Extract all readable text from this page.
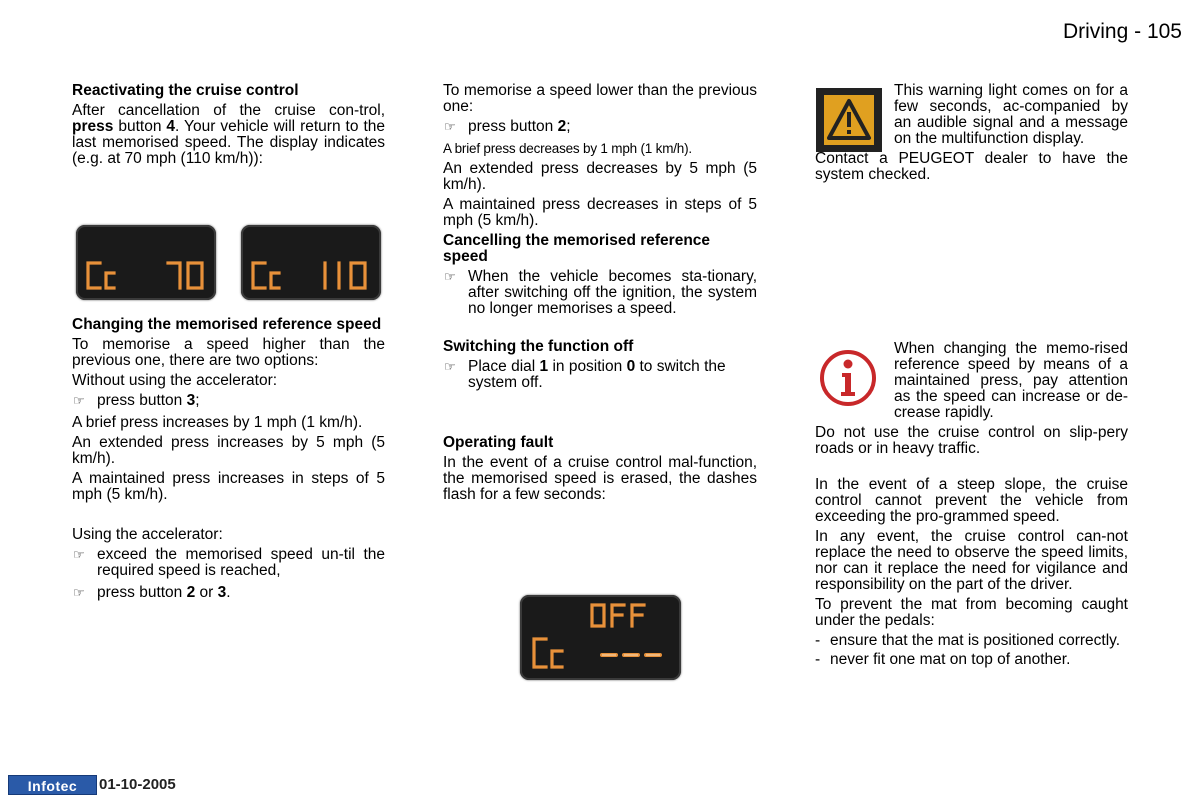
Driving - 105

Reactivating the cruise control

After cancellation of the cruise con-trol, press button 4. Your vehicle will return to the last memorised speed. The display indicates (e.g. at 70 mph (110 km/h)):

Changing the memorised reference speed

To memorise a speed higher than the previous one, there are two options:

Without using the accelerator:

☞ press button 3;

A brief press increases by 1 mph (1 km/h).

An extended press increases by 5 mph (5 km/h).

A maintained press increases in steps of 5 mph (5 km/h).

Using the accelerator:

☞ exceed the memorised speed un-til the required speed is reached,
☞ press button 2 or 3.

To memorise a speed lower than the previous one:

☞ press button 2;

A brief press decreases by 1 mph (1 km/h).

An extended press decreases by 5 mph (5 km/h).

A maintained press decreases in steps of 5 mph (5 km/h).

Cancelling the memorised reference speed

☞ When the vehicle becomes sta-tionary, after switching off the ignition, the system no longer memorises a speed.

Switching the function off

☞ Place dial 1 in position 0 to switch the system off.

Operating fault

In the event of a cruise control mal-function, the memorised speed is erased, the dashes flash for a few seconds:

This warning light comes on for a few seconds, ac-companied by an audible signal and a message on the multifunction display.

Contact a PEUGEOT dealer to have the system checked.

When changing the memo-rised reference speed by means of a maintained press, pay attention as the speed can increase or de-crease rapidly.

Do not use the cruise control on slip-pery roads or in heavy traffic.

In the event of a steep slope, the cruise control cannot prevent the vehicle from exceeding the pro-grammed speed.

In any event, the cruise control can-not replace the need to observe the speed limits, nor can it replace the need for vigilance and responsibility on the part of the driver.

To prevent the mat from becoming caught under the pedals:

- ensure that the mat is positioned correctly.
- never fit one mat on top of another.
Infotec	01-10-2005
